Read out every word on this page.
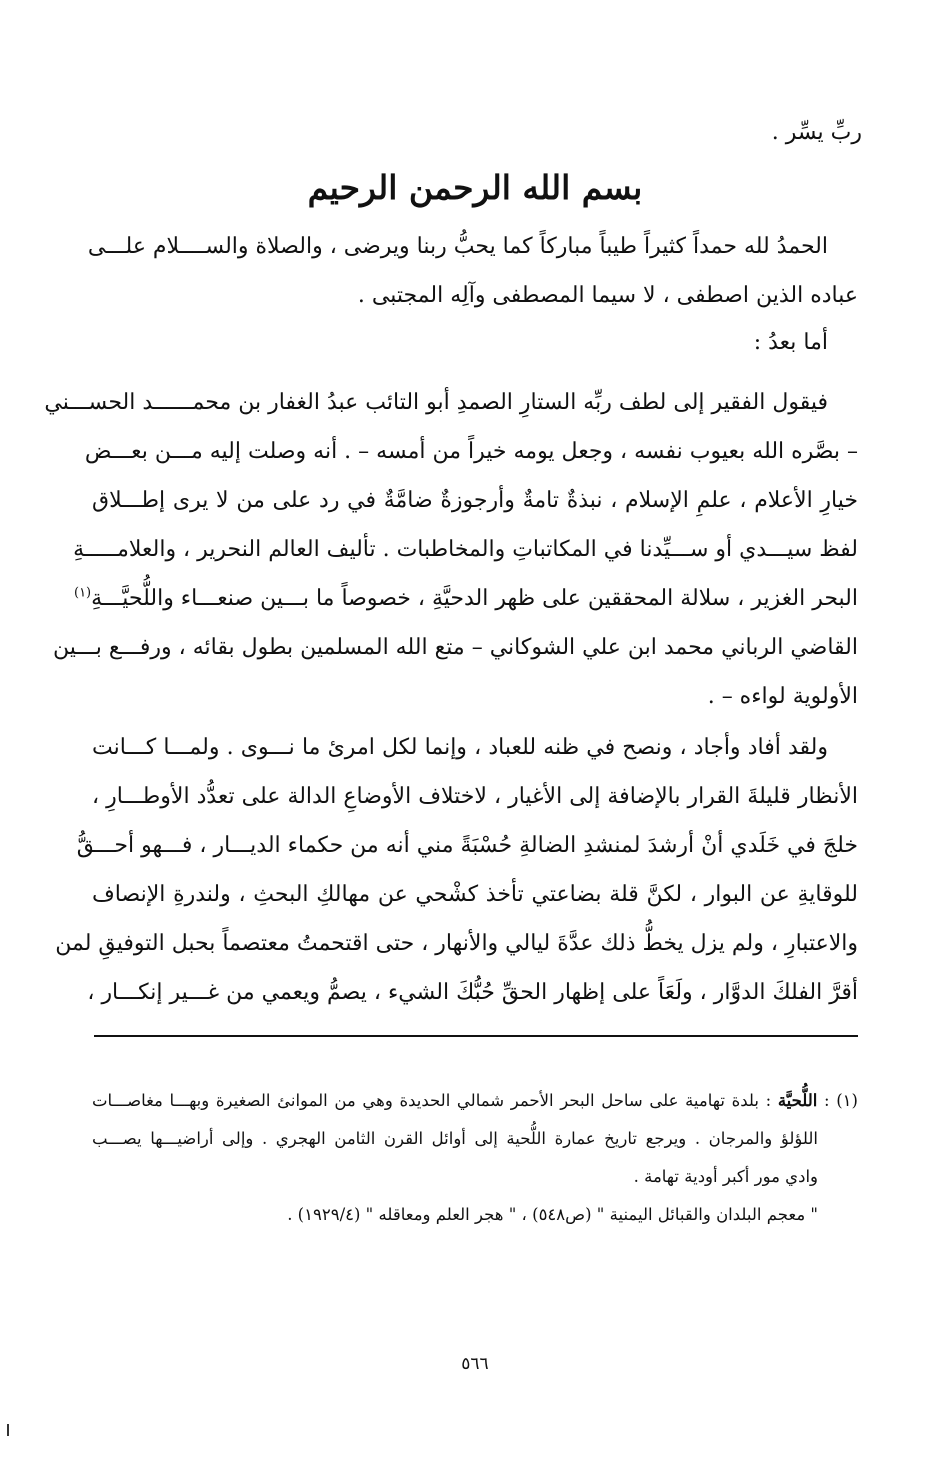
ربِّ يسِّر .
بسم الله الرحمن الرحيم
الحمدُ لله حمداً كثيراً طيباً مباركاً كما يحبُّ ربنا ويرضى ، والصلاة والســــلام علـــى
عباده الذين اصطفى ، لا سيما المصطفى وآلِه المجتبى .
أما بعدُ :
فيقول الفقير إلى لطف ربِّه الستارِ الصمدِ أبو التائب عبدُ الغفار بن محمــــــد الحســـني
– بصَّره الله بعيوب نفسه ، وجعل يومه خيراً من أمسه – . أنه وصلت إليه مـــن بعـــض
خيارِ الأعلام ، علمِ الإسلام ، نبذةٌ تامةٌ وأرجوزةٌ ضامَّةٌ في رد على من لا يرى إطـــلاق
لفظ سيـــدي أو ســـيِّدنا في المكاتباتِ والمخاطبات . تأليف العالم النحرير ، والعلامـــــةِ
البحر الغزير ، سلالة المحققين على ظهر الدحيَّةِ ، خصوصاً ما بـــين صنعـــاء واللُّحيَّـــةِ$^{(١)}$
القاضي الرباني محمد ابن علي الشوكاني – متع الله المسلمين بطول بقائه ، ورفـــع بـــين
الأولوية لواءه – .
ولقد أفاد وأجاد ، ونصح في ظنه للعباد ، وإنما لكل امرئ ما نـــوى . ولمـــا كـــانت
الأنظار قليلةَ القرار بالإضافة إلى الأغيار ، لاختلاف الأوضاعِ الدالة على تعدُّد الأوطـــارِ ،
خلجَ في خَلَدي أنْ أرشدَ لمنشدِ الضالةِ حُسْبَةً مني أنه من حكماء الديـــار ، فـــهو أحـــقُّ
للوقايةِ عن البوار ، لكنَّ قلة بضاعتي تأخذ كشْحي عن مهالكِ البحثِ ، ولندرةِ الإنصاف
والاعتبارِ ، ولم يزل يخطُّ ذلك عدَّةَ ليالي والأنهار ، حتى اقتحمتُ معتصماً بحبل التوفيقِ لمن
أقرَّ الفلكَ الدوَّار ، ولَعَاً على إظهار الحقِّ حُبُّكَ الشيء ، يصمُّ ويعمي من غـــير إنكـــار ،
(١) : اللُّحيَّة : بلدة تهامية على ساحل البحر الأحمر شمالي الحديدة وهي من الموانئ الصغيرة وبهـــا مغاصـــات
اللؤلؤ والمرجان . ويرجع تاريخ عمارة اللُّحية إلى أوائل القرن الثامن الهجري . وإلى أراضيـــها يصـــب
وادي مور أكبر أودية تهامة .
" معجم البلدان والقبائل اليمنية " (ص٥٤٨) ، " هجر العلم ومعاقله " (١٩٢٩/٤) .
٥٦٦
